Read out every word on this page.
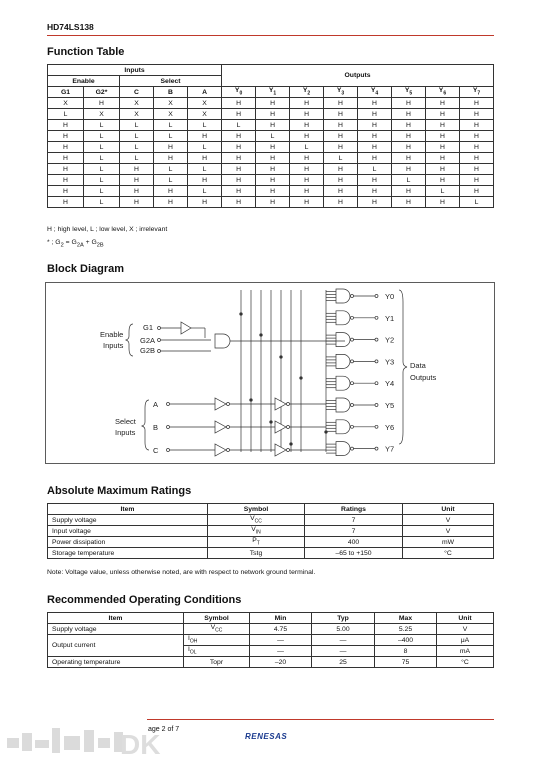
HD74LS138
Function Table
Inputs					Outputs							
Enable		Select										
G1	G2*	C	B	A	$Y_0$	$Y_1$	$Y_2$	$Y_3$	$Y_4$	$Y_5$	$Y_6$	$Y_7$
X	H	X	X	X	H	H	H	H	H	H	H	H
L	X	X	X	X	H	H	H	H	H	H	H	H
H	L	L	L	L	L	H	H	H	H	H	H	H
H	L	L	L	H	H	L	H	H	H	H	H	H
H	L	L	H	L	H	H	L	H	H	H	H	H
H	L	L	H	H	H	H	H	L	H	H	H	H
H	L	H	L	L	H	H	H	H	L	H	H	H
H	L	H	L	H	H	H	H	H	H	L	H	H
H	L	H	H	L	H	H	H	H	H	H	L	H
H	L	H	H	H	H	H	H	H	H	H	H	L
H ; high level, L ; low level, X ; irrelevant
* ; $G_2 = G_{2A} + G_{2B}$
Block Diagram
Y0
Y1
Y2
Y3
Y4
Y5
Y6
Y7
Enable
Inputs
G1
G2A
G2B
Select
Inputs
A
B
C
Data
Outputs
Absolute Maximum Ratings
Item	Symbol	Ratings	Unit
Supply voltage	$V_{CC}$	7	V
Input voltage	$V_{IN}$	7	V
Power dissipation	$P_T$	400	mW
Storage temperature	Tstg	–65 to +150	°C
Note: Voltage value, unless otherwise noted, are with respect to network ground terminal.
Recommended Operating Conditions
Item	Symbol	Min	Typ	Max	Unit
Supply voltage	$V_{CC}$	4.75	5.00	5.25	V
Output current	$I_{OH}$	—	—	–400	μA
	$I_{OL}$	—	—	8	mA
Operating temperature	Topr	–20	25	75	°C
DK
age 2 of 7
RENESAS
